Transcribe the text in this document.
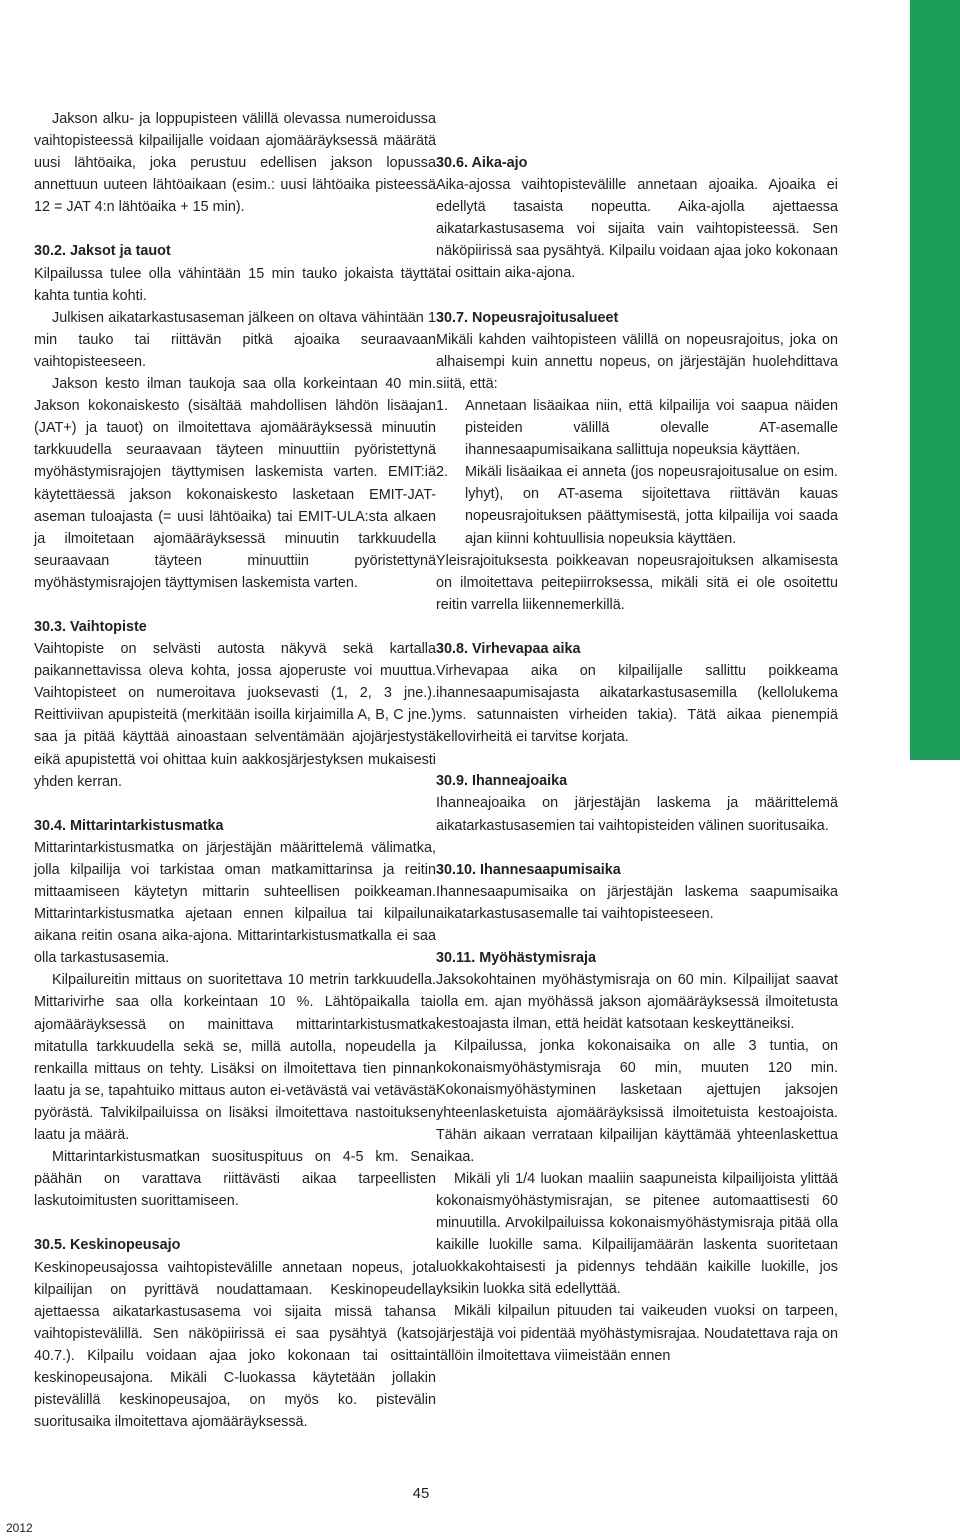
Jakson alku- ja loppupisteen välillä olevassa numeroidussa vaihtopisteessä kilpailijalle voidaan ajomääräyksessä määrätä uusi lähtöaika, joka perustuu edellisen jakson lopussa annettuun uuteen lähtöaikaan (esim.: uusi lähtöaika pisteessä 12 = JAT 4:n lähtöaika + 15 min).

30.2. Jaksot ja tauot

Kilpailussa tulee olla vähintään 15 min tauko jokaista täyttä kahta tuntia kohti.

Julkisen aikatarkastusaseman jälkeen on oltava vähintään 1 min tauko tai riittävän pitkä ajoaika seuraavaan vaihtopisteeseen.

Jakson kesto ilman taukoja saa olla korkeintaan 40 min. Jakson kokonaiskesto (sisältää mahdollisen lähdön lisäajan (JAT+) ja tauot) on ilmoitettava ajomääräyksessä minuutin tarkkuudella seuraavaan täyteen minuuttiin pyöristettynä myöhästymisrajojen täyttymisen laskemista varten. EMIT:iä käytettäessä jakson kokonaiskesto lasketaan EMIT-JAT-aseman tuloajasta (= uusi lähtöaika) tai EMIT-ULA:sta alkaen ja ilmoitetaan ajomääräyksessä minuutin tarkkuudella seuraavaan täyteen minuuttiin pyöristettynä myöhästymisrajojen täyttymisen laskemista varten.

30.3. Vaihtopiste

Vaihtopiste on selvästi autosta näkyvä sekä kartalla paikannettavissa oleva kohta, jossa ajoperuste voi muuttua. Vaihtopisteet on numeroitava juoksevasti (1, 2, 3 jne.). Reittiviivan apupisteitä (merkitään isoilla kirjaimilla A, B, C jne.) saa ja pitää käyttää ainoastaan selventämään ajojärjestystä eikä apupistettä voi ohittaa kuin aakkosjärjestyksen mukaisesti yhden kerran.

30.4. Mittarintarkistusmatka

Mittarintarkistusmatka on järjestäjän määrittelemä välimatka, jolla kilpailija voi tarkistaa oman matkamittarinsa ja reitin mittaamiseen käytetyn mittarin suhteellisen poikkeaman. Mittarintarkistusmatka ajetaan ennen kilpailua tai kilpailun aikana reitin osana aika-ajona. Mittarintarkistusmatkalla ei saa olla tarkastusasemia.

Kilpailureitin mittaus on suoritettava 10 metrin tarkkuudella. Mittarivirhe saa olla korkeintaan 10 %. Lähtöpaikalla tai ajomääräyksessä on mainittava mittarintarkistusmatka mitatulla tarkkuudella sekä se, millä autolla, nopeudella ja renkailla mittaus on tehty. Lisäksi on ilmoitettava tien pinnan laatu ja se, tapahtuiko mittaus auton ei-vetävästä vai vetävästä pyörästä. Talvikilpailuissa on lisäksi ilmoitettava nastoituksen laatu ja määrä.

Mittarintarkistusmatkan suosituspituus on 4-5 km. Sen päähän on varattava riittävästi aikaa tarpeellisten laskutoimitusten suorittamiseen.

30.5. Keskinopeusajo

Keskinopeusajossa vaihtopistevälille annetaan nopeus, jota kilpailijan on pyrittävä noudattamaan. Keskinopeudella ajettaessa aikatarkastusasema voi sijaita missä tahansa vaihtopistevälillä. Sen näköpiirissä ei saa pysähtyä (katso 40.7.). Kilpailu voidaan ajaa joko kokonaan tai osittain keskinopeusajona. Mikäli C-luokassa käytetään jollakin pistevälillä keskinopeusajoa, on myös ko. pistevälin suoritusaika ilmoitettava ajomääräyksessä.

30.6. Aika-ajo

Aika-ajossa vaihtopistevälille annetaan ajoaika. Ajoaika ei edellytä tasaista nopeutta. Aika-ajolla ajettaessa aikatarkastusasema voi sijaita vain vaihtopisteessä. Sen näköpiirissä saa pysähtyä. Kilpailu voidaan ajaa joko kokonaan tai osittain aika-ajona.

30.7. Nopeusrajoitusalueet

Mikäli kahden vaihtopisteen välillä on nopeusrajoitus, joka on alhaisempi kuin annettu nopeus, on järjestäjän huolehdittava siitä, että:

1. Annetaan lisäaikaa niin, että kilpailija voi saapua näiden pisteiden välillä olevalle AT-asemalle ihannesaapumisaikana sallittuja nopeuksia käyttäen.
2. Mikäli lisäaikaa ei anneta (jos nopeusrajoitusalue on esim. lyhyt), on AT-asema sijoitettava riittävän kauas nopeusrajoituksen päättymisestä, jotta kilpailija voi saada ajan kiinni kohtuullisia nopeuksia käyttäen.

Yleisrajoituksesta poikkeavan nopeusrajoituksen alkamisesta on ilmoitettava peitepiirroksessa, mikäli sitä ei ole osoitettu reitin varrella liikennemerkillä.

30.8. Virhevapaa aika

Virhevapaa aika on kilpailijalle sallittu poikkeama ihannesaapumisajasta aikatarkastusasemilla (kellolukema yms. satunnaisten virheiden takia). Tätä aikaa pienempiä kellovirheitä ei tarvitse korjata.

30.9. Ihanneajoaika

Ihanneajoaika on järjestäjän laskema ja määrittelemä aikatarkastusasemien tai vaihtopisteiden välinen suoritusaika.

30.10. Ihannesaapumisaika

Ihannesaapumisaika on järjestäjän laskema saapumisaika aikatarkastusasemalle tai vaihtopisteeseen.

30.11. Myöhästymisraja

Jaksokohtainen myöhästymisraja on 60 min. Kilpailijat saavat olla em. ajan myöhässä jakson ajomääräyksessä ilmoitetusta kestoajasta ilman, että heidät katsotaan keskeyttäneiksi.

Kilpailussa, jonka kokonaisaika on alle 3 tuntia, on kokonaismyöhästymisraja 60 min, muuten 120 min. Kokonaismyöhästyminen lasketaan ajettujen jaksojen yhteenlasketuista ajomääräyksissä ilmoitetuista kestoajoista. Tähän aikaan verrataan kilpailijan käyttämää yhteenlaskettua aikaa.

Mikäli yli 1/4 luokan maaliin saapuneista kilpailijoista ylittää kokonaismyöhästymisrajan, se pitenee automaattisesti 60 minuutilla. Arvokilpailuissa kokonaismyöhästymisraja pitää olla kaikille luokille sama. Kilpailijamäärän laskenta suoritetaan luokkakohtaisesti ja pidennys tehdään kaikille luokille, jos yksikin luokka sitä edellyttää.

Mikäli kilpailun pituuden tai vaikeuden vuoksi on tarpeen, järjestäjä voi pidentää myöhästymisrajaa. Noudatettava raja on tällöin ilmoitettava viimeistään ennen

45
2012
